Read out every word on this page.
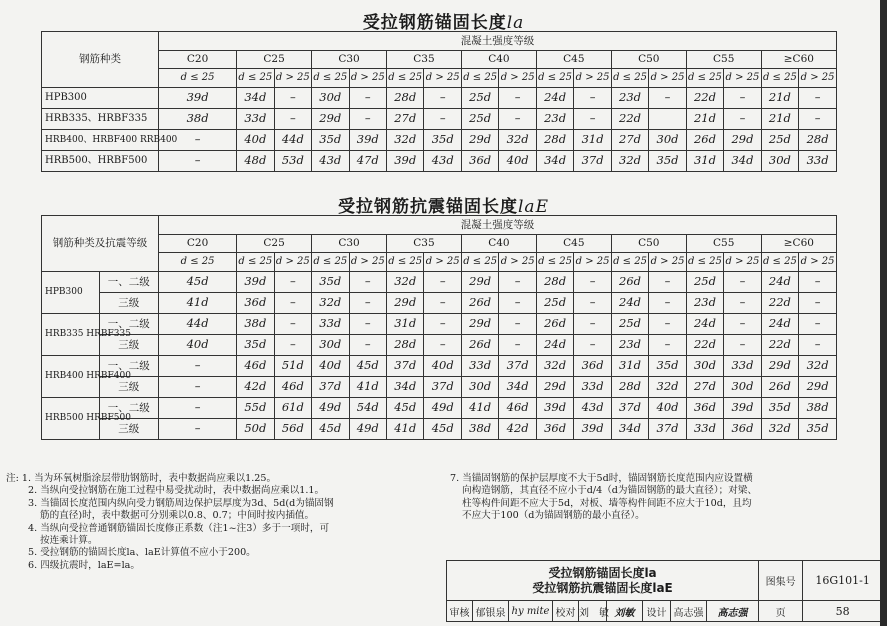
受拉钢筋锚固长度la
钢筋种类	混凝土强度等级																
	C20	C25		C30		C35		C40		C45		C50		C55		≥C60	
	d ≤ 25	d ≤ 25	d > 25	d ≤ 25	d > 25	d ≤ 25	d > 25	d ≤ 25	d > 25	d ≤ 25	d > 25	d ≤ 25	d > 25	d ≤ 25	d > 25	d ≤ 25	d > 25
HPB300	39d	34d	–	30d	–	28d	–	25d	–	24d	–	23d	–	22d	–	21d	–
HRB335、HRBF335	38d	33d	–	29d	–	27d	–	25d	–	23d	–	22d		21d	–	21d	–
HRB400、HRBF400 RRB400	–	40d	44d	35d	39d	32d	35d	29d	32d	28d	31d	27d	30d	26d	29d	25d	28d
HRB500、HRBF500	–	48d	53d	43d	47d	39d	43d	36d	40d	34d	37d	32d	35d	31d	34d	30d	33d
受拉钢筋抗震锚固长度laE
钢筋种类及抗震等级		混凝土强度等级																
		C20	C25		C30		C35		C40		C45		C50		C55		≥C60	
		d ≤ 25	d ≤ 25	d > 25	d ≤ 25	d > 25	d ≤ 25	d > 25	d ≤ 25	d > 25	d ≤ 25	d > 25	d ≤ 25	d > 25	d ≤ 25	d > 25	d ≤ 25	d > 25
HPB300	一、二级	45d	39d	–	35d	–	32d	–	29d	–	28d	–	26d	–	25d	–	24d	–
	三级	41d	36d	–	32d	–	29d	–	26d	–	25d	–	24d	–	23d	–	22d	–
HRB335 HRBF335	一、二级	44d	38d	–	33d	–	31d	–	29d	–	26d	–	25d	–	24d	–	24d	–
	三级	40d	35d	–	30d	–	28d	–	26d	–	24d	–	23d	–	22d	–	22d	–
HRB400 HRBF400	一、二级	–	46d	51d	40d	45d	37d	40d	33d	37d	32d	36d	31d	35d	30d	33d	29d	32d
	三级	–	42d	46d	37d	41d	34d	37d	30d	34d	29d	33d	28d	32d	27d	30d	26d	29d
HRB500 HRBF500	一、二级	–	55d	61d	49d	54d	45d	49d	41d	46d	39d	43d	37d	40d	36d	39d	35d	38d
	三级	–	50d	56d	45d	49d	41d	45d	38d	42d	36d	39d	34d	37d	33d	36d	32d	35d
注: 1. 当为环氧树脂涂层带肋钢筋时，表中数据尚应乘以1.25。
2. 当纵向受拉钢筋在施工过程中易受扰动时，表中数据尚应乘以1.1。
3. 当锚固长度范围内纵向受力钢筋周边保护层厚度为3d、5d(d为锚固钢
筋的直径)时，表中数据可分别乘以0.8、0.7；中间时按内插值。
4. 当纵向受拉普通钢筋锚固长度修正系数（注1~注3）多于一项时，可
按连乘计算。
5. 受拉钢筋的锚固长度la、laE计算值不应小于200。
6. 四级抗震时，laE=la。
7. 当锚固钢筋的保护层厚度不大于5d时，锚固钢筋长度范围内应设置横
向构造钢筋，其直径不应小于d/4（d为锚固钢筋的最大直径）；对梁、
柱等构件间距不应大于5d，对板、墙等构件间距不应大于10d，且均
不应大于100（d为锚固钢筋的最小直径）。
受拉钢筋锚固长度la
受拉钢筋抗震锚固长度laE									图集号	16G101-1
审核	郁银泉	hy mite	校对	刘　敏	刘敏	设计	高志强	高志强	页	58
